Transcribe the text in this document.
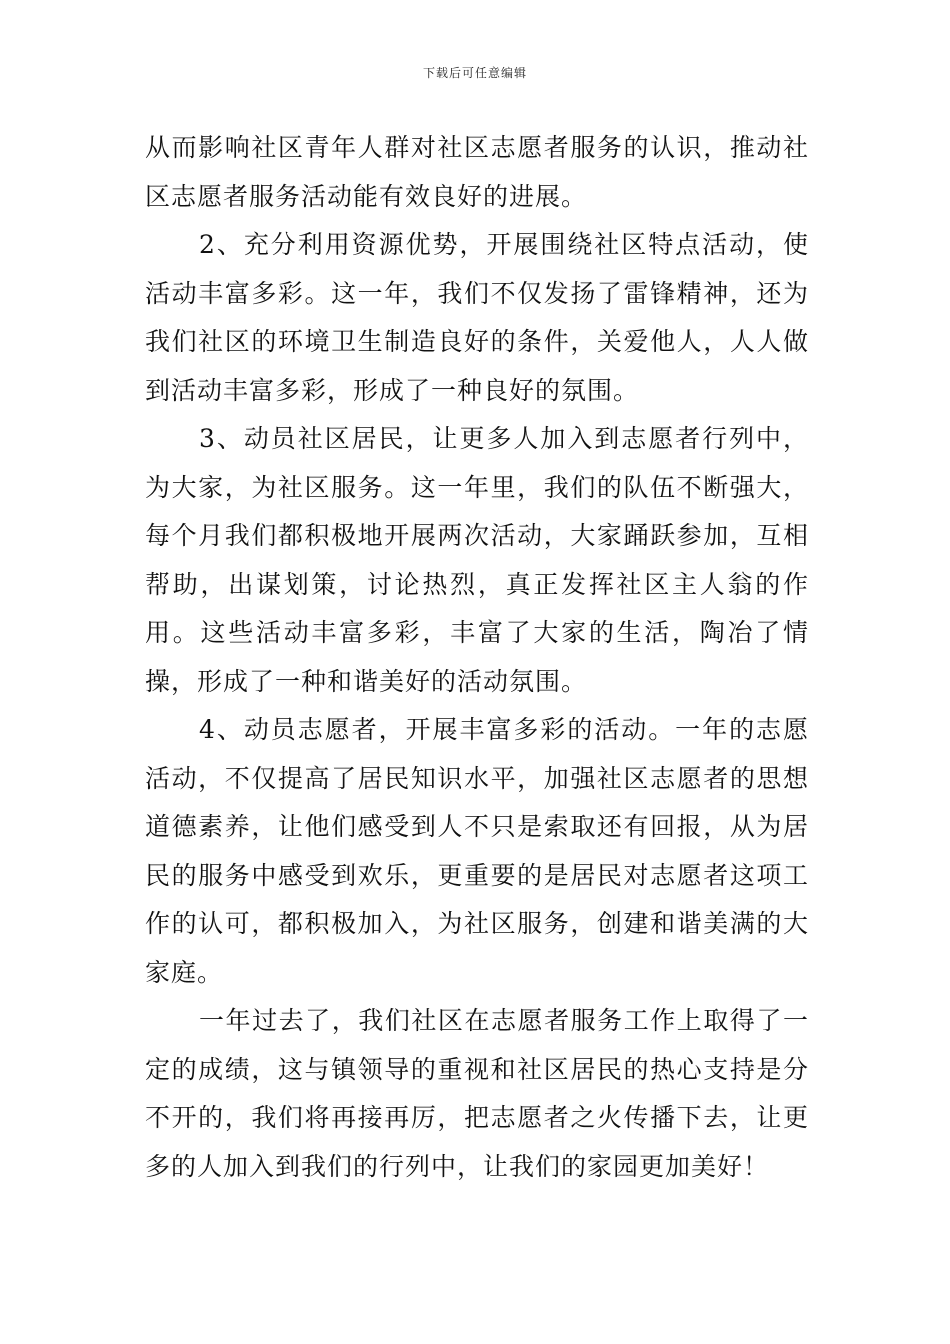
下载后可任意编辑

从而影响社区青年人群对社区志愿者服务的认识，推动社区志愿者服务活动能有效良好的进展。

2、充分利用资源优势，开展围绕社区特点活动，使活动丰富多彩。这一年，我们不仅发扬了雷锋精神，还为我们社区的环境卫生制造良好的条件，关爱他人，人人做到活动丰富多彩，形成了一种良好的氛围。

3、动员社区居民，让更多人加入到志愿者行列中，为大家，为社区服务。这一年里，我们的队伍不断强大，每个月我们都积极地开展两次活动，大家踊跃参加，互相帮助，出谋划策，讨论热烈，真正发挥社区主人翁的作用。这些活动丰富多彩，丰富了大家的生活，陶冶了情操，形成了一种和谐美好的活动氛围。

4、动员志愿者，开展丰富多彩的活动。一年的志愿活动，不仅提高了居民知识水平，加强社区志愿者的思想道德素养，让他们感受到人不只是索取还有回报，从为居民的服务中感受到欢乐，更重要的是居民对志愿者这项工作的认可，都积极加入，为社区服务，创建和谐美满的大家庭。

一年过去了，我们社区在志愿者服务工作上取得了一定的成绩，这与镇领导的重视和社区居民的热心支持是分不开的，我们将再接再厉，把志愿者之火传播下去，让更多的人加入到我们的行列中，让我们的家园更加美好！
